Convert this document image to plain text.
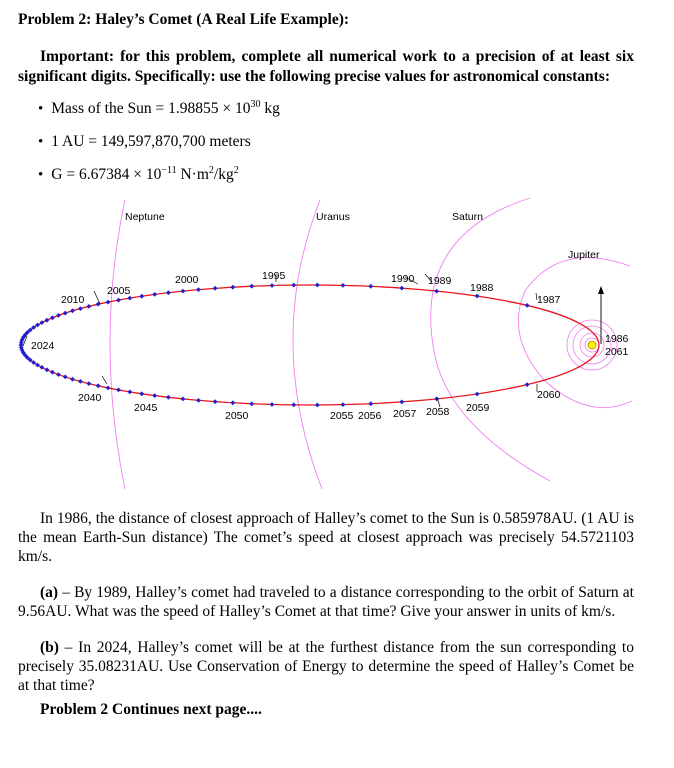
Problem 2: Haley’s Comet (A Real Life Example):

Important: for this problem, complete all numerical work to a precision of at least six significant digits. Specifically: use the following precise values for astronomical constants:

• Mass of the Sun = $1.98855 \times 10^{30}$ kg
• 1 AU = 149,597,870,700 meters
• $G = 6.67384 \times 10^{-11}$ $N\cdot m^2/kg^2$
Neptune	Uranus	Saturn
Jupiter
2024
2010
2005
2000	1995	1990 1989
1988
1987
1986
2061
2040
2045
2050	2055 2056 2057 2058 2059
2060

In 1986, the distance of closest approach of Halley’s comet to the Sun is 0.585978AU. (1 AU is the mean Earth-Sun distance) The comet’s speed at closest approach was precisely 54.5721103 km/s.

(a) – By 1989, Halley’s comet had traveled to a distance corresponding to the orbit of Saturn at 9.56AU. What was the speed of Halley’s Comet at that time? Give your answer in units of km/s.

(b) – In 2024, Halley’s comet will be at the furthest distance from the sun corresponding to precisely 35.08231AU. Use Conservation of Energy to determine the speed of Halley’s Comet be at that time?

Problem 2 Continues next page....
